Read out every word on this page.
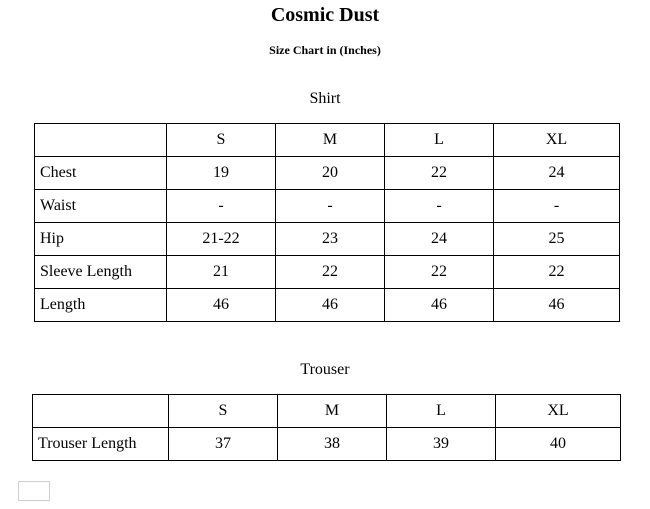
Cosmic Dust
Size Chart in (Inches)
Shirt
	S	M	L	XL
Chest	19	20	22	24
Waist	-	-	-	-
Hip	21-22	23	24	25
Sleeve Length	21	22	22	22
Length	46	46	46	46
Trouser
	S	M	L	XL
Trouser Length	37	38	39	40
